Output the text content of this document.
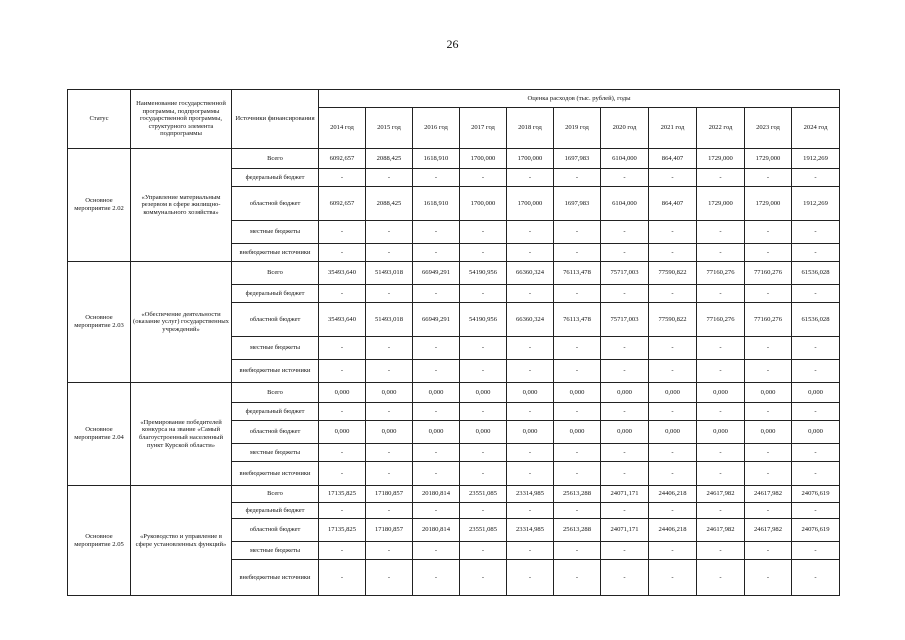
26
Статус	Наименование государственной программы, подпрограммы государственной программы, структурного элемента подпрограммы	Источники финансирования	Оценка расходов (тыс. рублей), годы										
			2014 год	2015 год	2016 год	2017 год	2018 год	2019 год	2020 год	2021 год	2022 год	2023 год	2024 год
Основное мероприятие 2.02	«Управление материальным резервом в сфере жилищно-коммунального хозяйства»	Всего	6092,657	2088,425	1618,910	1700,000	1700,000	1697,983	6104,000	864,407	1729,000	1729,000	1912,269
		федеральный бюджет	-	-	-	-	-	-	-	-	-	-	-
		областной бюджет	6092,657	2088,425	1618,910	1700,000	1700,000	1697,983	6104,000	864,407	1729,000	1729,000	1912,269
		местные бюджеты	-	-	-	-	-	-	-	-	-	-	-
		внебюджетные источники	-	-	-	-	-	-	-	-	-	-	-
Основное мероприятие 2.03	«Обеспечение деятельности (оказание услуг) государственных учреждений»	Всего	35493,640	51493,018	66949,291	54190,956	66360,324	76113,478	75717,003	77590,822	77160,276	77160,276	61536,028
		федеральный бюджет	-	-	-	-	-	-	-	-	-	-	-
		областной бюджет	35493,640	51493,018	66949,291	54190,956	66360,324	76113,478	75717,003	77590,822	77160,276	77160,276	61536,028
		местные бюджеты	-	-	-	-	-	-	-	-	-	-	-
		внебюджетные источники	-	-	-	-	-	-	-	-	-	-	-
Основное мероприятие 2.04	«Премирование победителей конкурса на звание «Самый благоустроенный населенный пункт Курской области»	Всего	0,000	0,000	0,000	0,000	0,000	0,000	0,000	0,000	0,000	0,000	0,000
		федеральный бюджет	-	-	-	-	-	-	-	-	-	-	-
		областной бюджет	0,000	0,000	0,000	0,000	0,000	0,000	0,000	0,000	0,000	0,000	0,000
		местные бюджеты	-	-	-	-	-	-	-	-	-	-	-
		внебюджетные источники	-	-	-	-	-	-	-	-	-	-	-
Основное мероприятие 2.05	«Руководство и управление в сфере установленных функций»	Всего	17135,825	17180,857	20180,814	23551,085	23314,985	25613,288	24071,171	24406,218	24617,982	24617,982	24076,619
		федеральный бюджет	-	-	-	-	-	-	-	-	-	-	-
		областной бюджет	17135,825	17180,857	20180,814	23551,085	23314,985	25613,288	24071,171	24406,218	24617,982	24617,982	24076,619
		местные бюджеты	-	-	-	-	-	-	-	-	-	-	-
		внебюджетные источники	-	-	-	-	-	-	-	-	-	-	-
